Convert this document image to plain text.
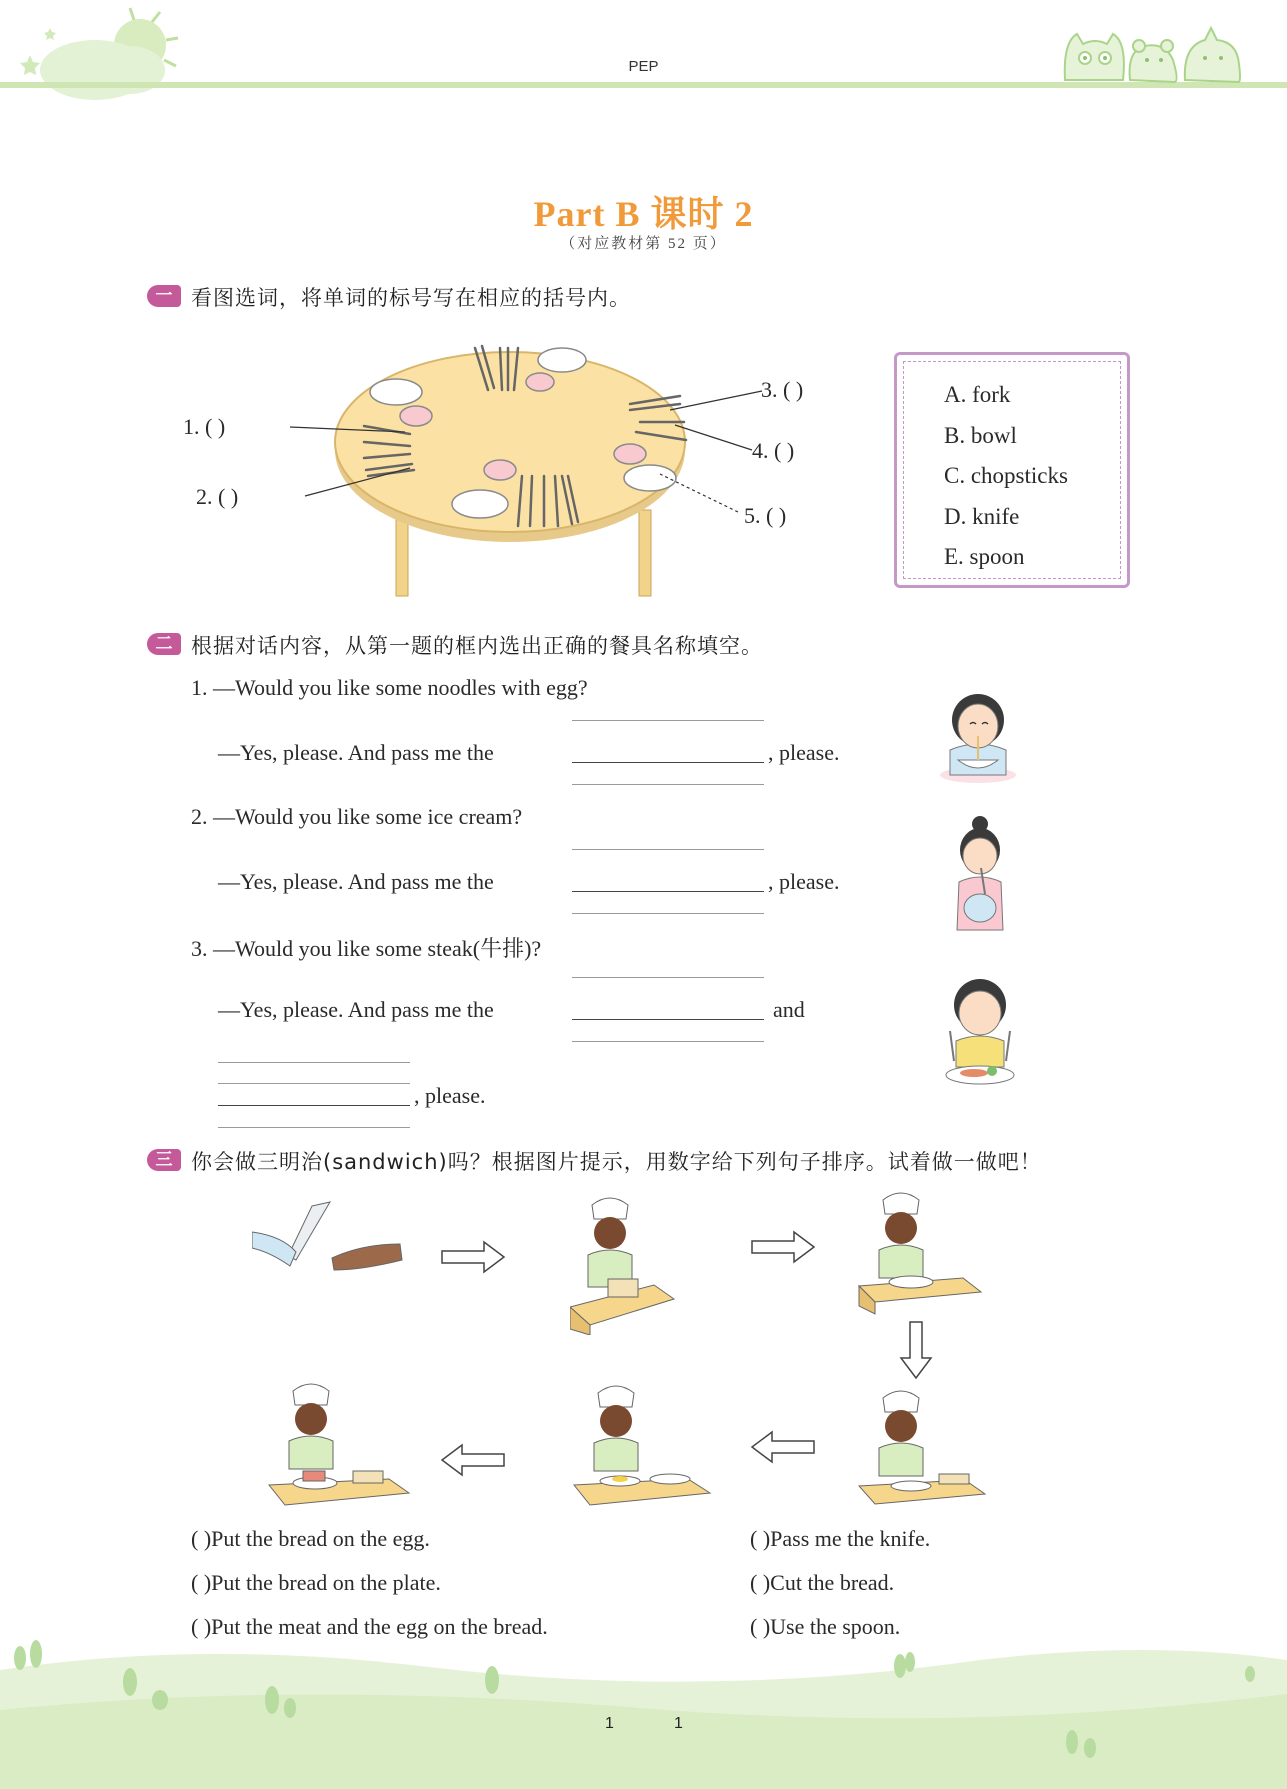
PEP
Part B 课时 2
（对应教材第 52 页）
一 看图选词，将单词的标号写在相应的括号内。
1. ( )
2. ( )
3. ( )
4. ( )
5. ( )
A. fork
B. bowl
C. chopsticks
D. knife
E. spoon
二 根据对话内容，从第一题的框内选出正确的餐具名称填空。
1. —Would you like some noodles with egg?
—Yes, please. And pass me the	, please.
2. —Would you like some ice cream?
—Yes, please. And pass me the	, please.
3. —Would you like some steak(牛排)?
—Yes, please. And pass me the	and
, please.
三 你会做三明治(sandwich)吗？根据图片提示，用数字给下列句子排序。试着做一做吧！
( )Put the bread on the egg.
( )Put the bread on the plate.
( )Put the meat and the egg on the bread.
( )Pass me the knife.
( )Cut the bread.
( )Use the spoon.
1	1
